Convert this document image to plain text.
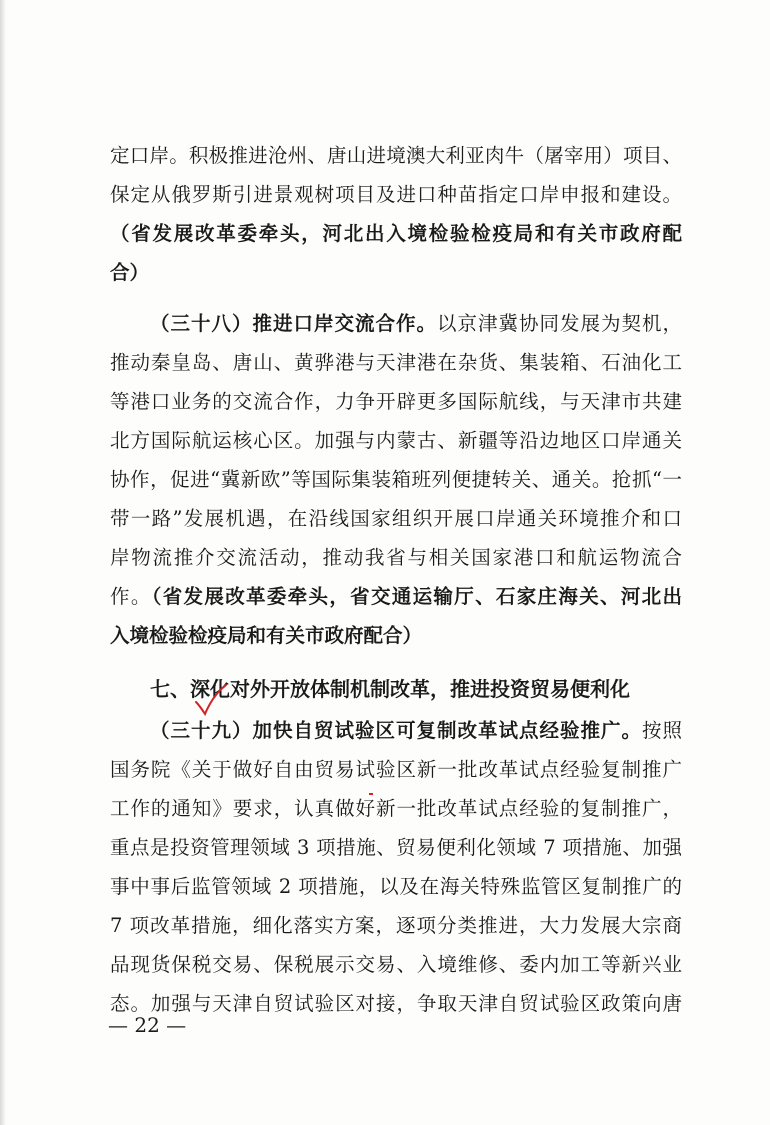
定口岸。积极推进沧州、唐山进境澳大利亚肉牛（屠宰用）项目、
保定从俄罗斯引进景观树项目及进口种苗指定口岸申报和建设。
（省发展改革委牵头，河北出入境检验检疫局和有关市政府配
合）
（三十八）推进口岸交流合作。以京津冀协同发展为契机，
推动秦皇岛、唐山、黄骅港与天津港在杂货、集装箱、石油化工
等港口业务的交流合作，力争开辟更多国际航线，与天津市共建
北方国际航运核心区。加强与内蒙古、新疆等沿边地区口岸通关
协作，促进“冀新欧”等国际集装箱班列便捷转关、通关。抢抓“一
带一路”发展机遇，在沿线国家组织开展口岸通关环境推介和口
岸物流推介交流活动，推动我省与相关国家港口和航运物流合
作。（省发展改革委牵头，省交通运输厅、石家庄海关、河北出
入境检验检疫局和有关市政府配合）
七、深化对外开放体制机制改革，推进投资贸易便利化
（三十九）加快自贸试验区可复制改革试点经验推广。按照
国务院《关于做好自由贸易试验区新一批改革试点经验复制推广
工作的通知》要求，认真做好新一批改革试点经验的复制推广，
重点是投资管理领域 3 项措施、贸易便利化领域 7 项措施、加强
事中事后监管领域 2 项措施，以及在海关特殊监管区复制推广的
7 项改革措施，细化落实方案，逐项分类推进，大力发展大宗商
品现货保税交易、保税展示交易、入境维修、委内加工等新兴业
态。加强与天津自贸试验区对接，争取天津自贸试验区政策向唐
— 22 —
